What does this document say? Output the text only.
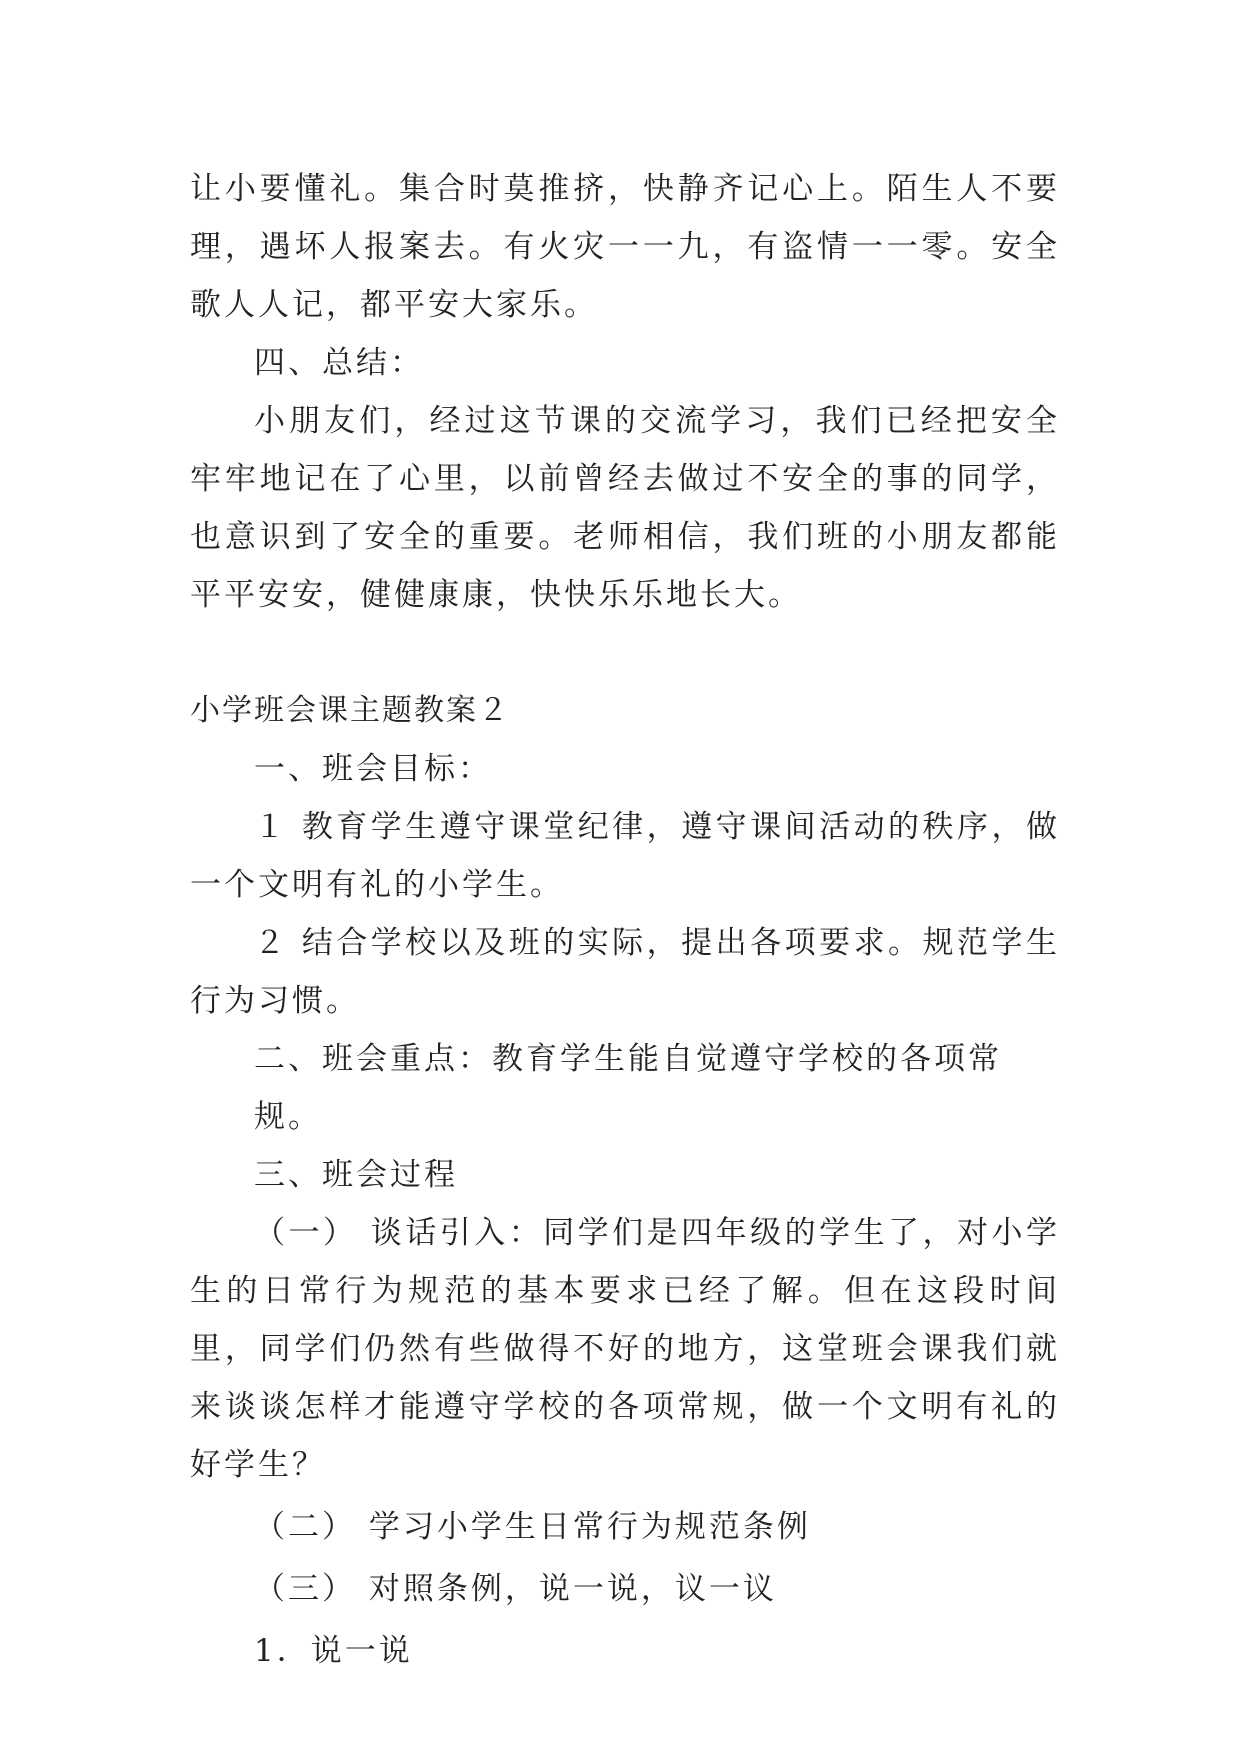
让小要懂礼。集合时莫推挤，快静齐记心上。陌生人不要理，遇坏人报案去。有火灾一一九，有盗情一一零。安全歌人人记，都平安大家乐。

四、总结：

小朋友们，经过这节课的交流学习，我们已经把安全牢牢地记在了心里，以前曾经去做过不安全的事的同学，也意识到了安全的重要。老师相信，我们班的小朋友都能平平安安，健健康康，快快乐乐地长大。

小学班会课主题教案２

一、班会目标：

１ 教育学生遵守课堂纪律，遵守课间活动的秩序，做一个文明有礼的小学生。

２ 结合学校以及班的实际，提出各项要求。规范学生行为习惯。

二、班会重点：教育学生能自觉遵守学校的各项常规。

三、班会过程

（一） 谈话引入：同学们是四年级的学生了，对小学生的日常行为规范的基本要求已经了解。但在这段时间里，同学们仍然有些做得不好的地方，这堂班会课我们就来谈谈怎样才能遵守学校的各项常规，做一个文明有礼的好学生？

（二） 学习小学生日常行为规范条例

（三） 对照条例，说一说，议一议

1．说一说
